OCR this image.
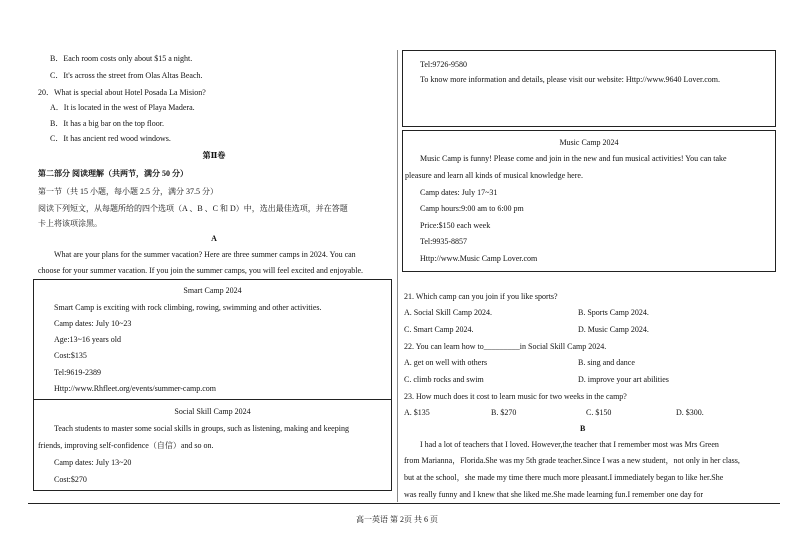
B．Each room costs only about $15 a night.
C．It's across the street from Olas Altas Beach.
20．What is special about Hotel Posada La Mision?
A．It is located in the west of Playa Madera.
B．It has a big bar on the top floor.
C．It has ancient red wood windows.
第Ⅱ卷
第二部分 阅读理解（共两节，满分 50 分）
第一节（共 15 小题，每小题 2.5 分，满分 37.5 分）
阅读下列短文，从每题所给的四个选项（A 、B 、C 和 D）中，选出最佳选项，并在答题
卡上将该项涂黑。
A
What are your plans for the summer vacation? Here are three summer camps in 2024. You can
choose for your summer vacation. If you join the summer camps, you will feel excited and enjoyable.
Smart Camp 2024
Smart Camp is exciting with rock climbing, rowing, swimming and other activities.
Camp dates: July 10~23
Age:13~16 years old
Cost:$135
Tel:9619-2389
Http://www.Rhfleet.org/events/summer-camp.com
Social Skill Camp 2024
Teach students to master some social skills in groups, such as listening, making and keeping
friends, improving self-confidence（自信）and so on.
Camp dates: July 13~20
Cost:$270
Tel:9726-9580
To know more information and details, please visit our website: Http://www.9640 Lover.com.
Music Camp 2024
Music Camp is funny! Please come and join in the new and fun musical activities! You can take
pleasure and learn all kinds of musical knowledge here.
Camp dates: July 17~31
Camp hours:9:00 am to 6:00 pm
Price:$150 each week
Tel:9935-8857
Http://www.Music Camp Lover.com
21. Which camp can you join if you like sports?
A. Social Skill Camp 2024.	B. Sports Camp 2024.
C. Smart Camp 2024.	D. Music Camp 2024.
22. You can learn how to_________in Social Skill Camp 2024.
A. get on well with others	B. sing and dance
C. climb rocks and swim	D. improve your art abilities
23. How much does it cost to learn music for two weeks in the camp?
A. $135	B. $270	C. $150	D. $300.
B
I had a lot of teachers that I loved. However,the teacher that I remember most was Mrs Green
from Marianna，Florida.She was my 5th grade teacher.Since I was a new student，not only in her class,
but at the school，she made my time there much more pleasant.I immediately began to like her.She
was really funny and I knew that she liked me.She made learning fun.I remember one day for
高一英语 第 2页 共 6 页
